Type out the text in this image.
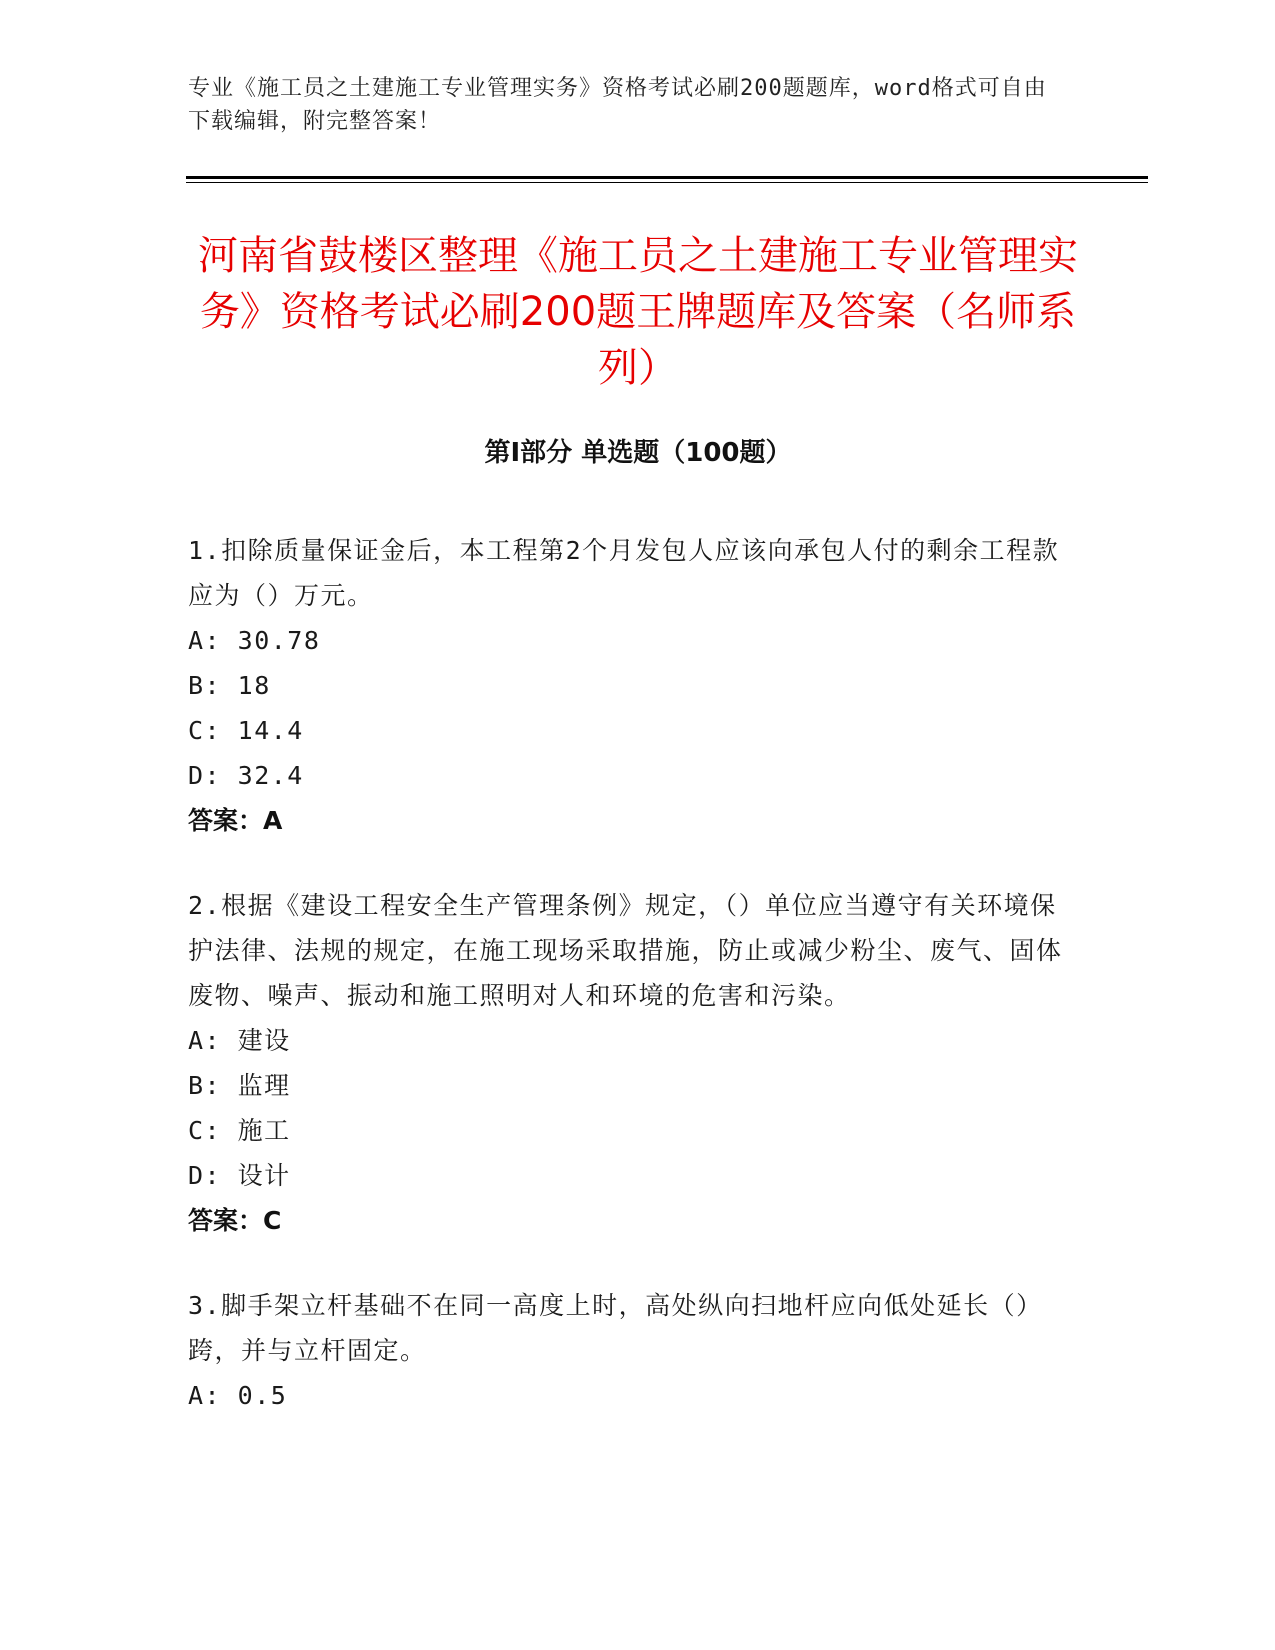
专业《施工员之土建施工专业管理实务》资格考试必刷200题题库，word格式可自由下载编辑，附完整答案！
河南省鼓楼区整理《施工员之土建施工专业管理实务》资格考试必刷200题王牌题库及答案（名师系列）
第Ⅰ部分 单选题（100题）
1.扣除质量保证金后，本工程第2个月发包人应该向承包人付的剩余工程款应为（）万元。
A: 30.78
B: 18
C: 14.4
D: 32.4
答案：A
2.根据《建设工程安全生产管理条例》规定，（）单位应当遵守有关环境保护法律、法规的规定，在施工现场采取措施，防止或减少粉尘、废气、固体废物、噪声、振动和施工照明对人和环境的危害和污染。
A: 建设
B: 监理
C: 施工
D: 设计
答案：C
3.脚手架立杆基础不在同一高度上时，高处纵向扫地杆应向低处延长（）跨，并与立杆固定。
A: 0.5
